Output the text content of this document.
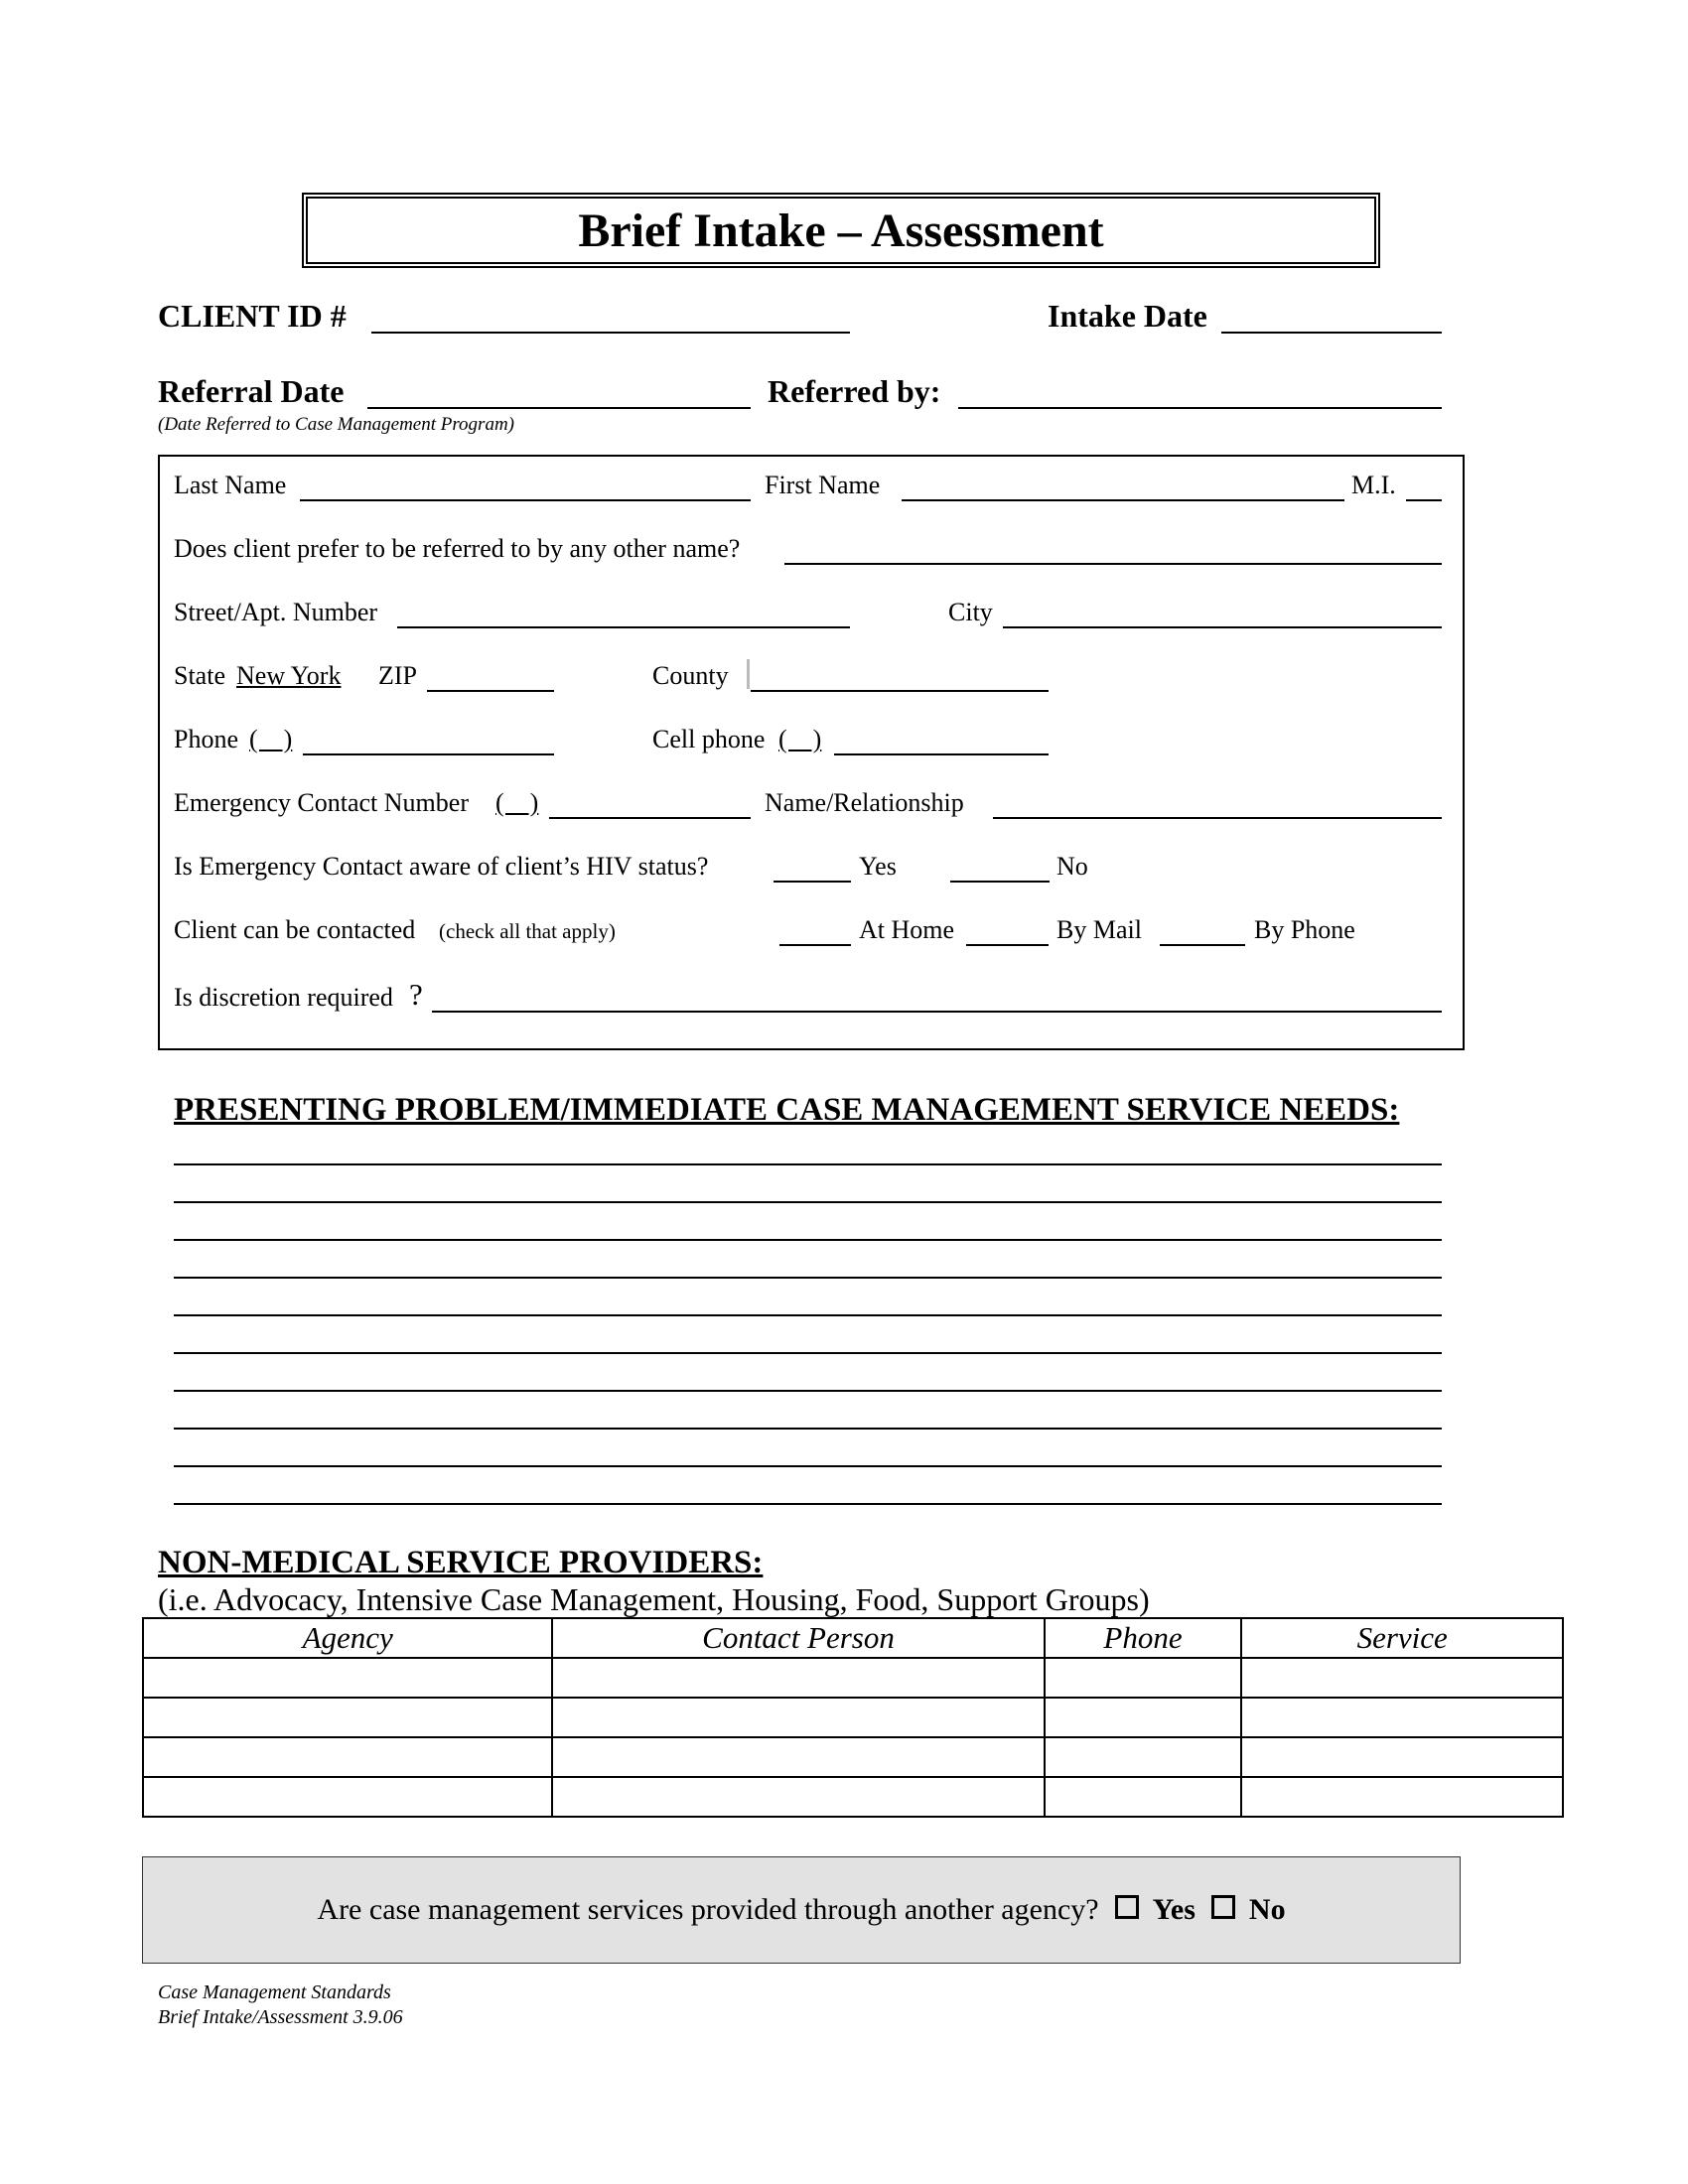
Brief Intake – Assessment
CLIENT ID #	Intake Date
Referral Date	Referred by:
(Date Referred to Case Management Program)
Last Name	First Name	M.I.
Does client prefer to be referred to by any other name?
Street/Apt. Number	City
State New York ZIP	County
Phone (    )	Cell phone (    )
Emergency Contact Number (    )	Name/Relationship
Is Emergency Contact aware of client’s HIV status?	Yes	No
Client can be contacted (check all that apply)	At Home	By Mail	By Phone
Is discretion required ?
PRESENTING PROBLEM/IMMEDIATE CASE MANAGEMENT SERVICE NEEDS:
NON-MEDICAL SERVICE PROVIDERS:
(i.e. Advocacy, Intensive Case Management, Housing, Food, Support Groups)
Agency	Contact Person	Phone	Service

Are case management services provided through another agency? Yes No
Case Management Standards
Brief Intake/Assessment 3.9.06
